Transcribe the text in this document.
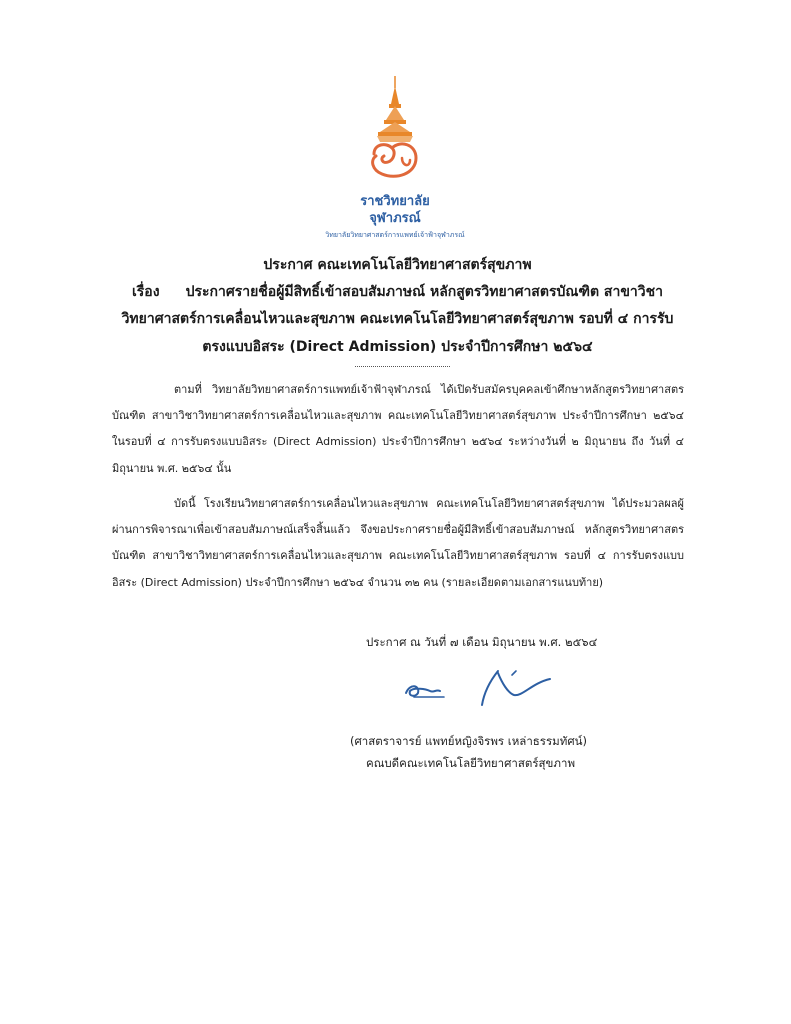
ราชวิทยาลัย
จุฬาภรณ์
วิทยาลัยวิทยาศาสตร์การแพทย์เจ้าฟ้าจุฬาภรณ์
ประกาศ คณะเทคโนโลยีวิทยาศาสตร์สุขภาพ
เรื่อง ประกาศรายชื่อผู้มีสิทธิ์เข้าสอบสัมภาษณ์ หลักสูตรวิทยาศาสตรบัณฑิต สาขาวิชา
วิทยาศาสตร์การเคลื่อนไหวและสุขภาพ คณะเทคโนโลยีวิทยาศาสตร์สุขภาพ รอบที่ ๔ การรับ
ตรงแบบอิสระ (Direct Admission) ประจำปีการศึกษา ๒๕๖๔
ตามที่ วิทยาลัยวิทยาศาสตร์การแพทย์เจ้าฟ้าจุฬาภรณ์ ได้เปิดรับสมัครบุคคลเข้าศึกษาหลักสูตรวิทยาศาสตรบัณฑิต สาขาวิชาวิทยาศาสตร์การเคลื่อนไหวและสุขภาพ คณะเทคโนโลยีวิทยาศาสตร์สุขภาพ ประจำปีการศึกษา ๒๕๖๔ ในรอบที่ ๔ การรับตรงแบบอิสระ (Direct Admission) ประจำปีการศึกษา ๒๕๖๔ ระหว่างวันที่ ๒ มิถุนายน ถึง วันที่ ๔ มิถุนายน พ.ศ. ๒๕๖๔ นั้น
บัดนี้ โรงเรียนวิทยาศาสตร์การเคลื่อนไหวและสุขภาพ คณะเทคโนโลยีวิทยาศาสตร์สุขภาพ ได้ประมวลผลผู้ผ่านการพิจารณาเพื่อเข้าสอบสัมภาษณ์เสร็จสิ้นแล้ว จึงขอประกาศรายชื่อผู้มีสิทธิ์เข้าสอบสัมภาษณ์ หลักสูตรวิทยาศาสตรบัณฑิต สาขาวิชาวิทยาศาสตร์การเคลื่อนไหวและสุขภาพ คณะเทคโนโลยีวิทยาศาสตร์สุขภาพ รอบที่ ๔ การรับตรงแบบอิสระ (Direct Admission) ประจำปีการศึกษา ๒๕๖๔ จำนวน ๓๒ คน (รายละเอียดตามเอกสารแนบท้าย)
ประกาศ ณ วันที่ ๗ เดือน มิถุนายน พ.ศ. ๒๕๖๔
(ศาสตราจารย์ แพทย์หญิงจิรพร เหล่าธรรมทัศน์)
คณบดีคณะเทคโนโลยีวิทยาศาสตร์สุขภาพ
